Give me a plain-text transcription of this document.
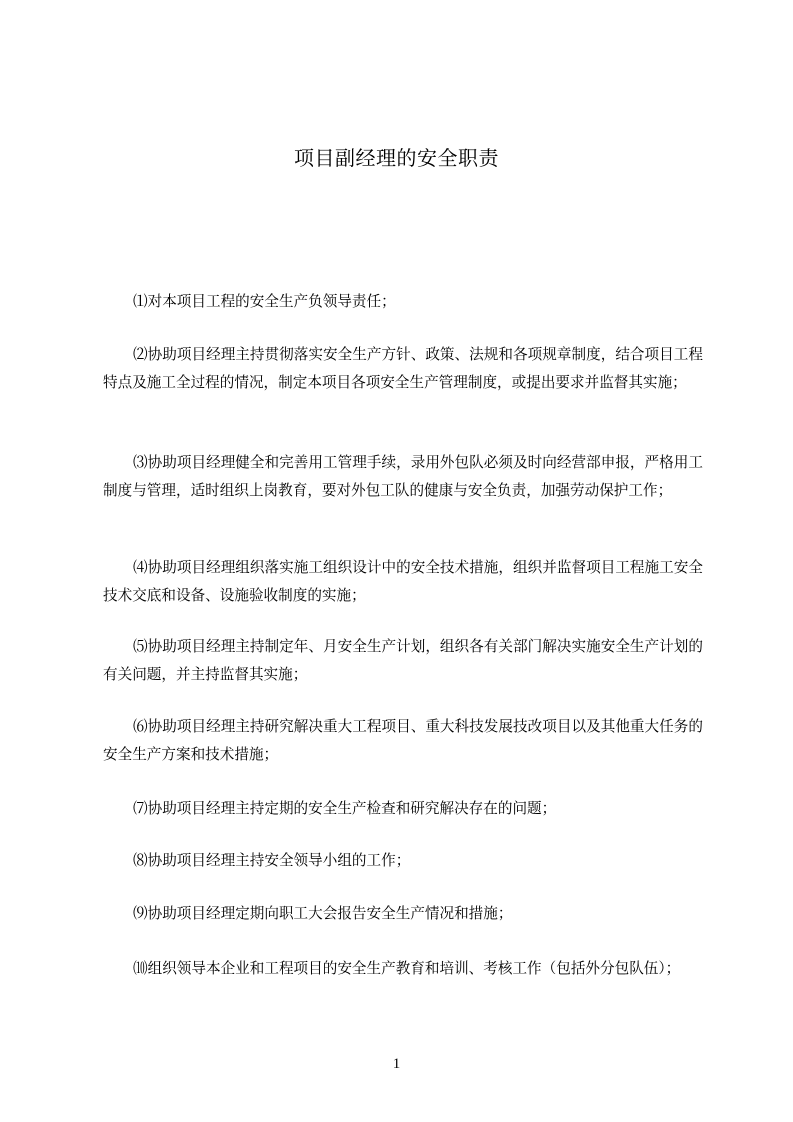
项目副经理的安全职责

⑴对本项目工程的安全生产负领导责任；

⑵协助项目经理主持贯彻落实安全生产方针、政策、法规和各项规章制度，结合项目工程特点及施工全过程的情况，制定本项目各项安全生产管理制度，或提出要求并监督其实施；

⑶协助项目经理健全和完善用工管理手续，录用外包队必须及时向经营部申报，严格用工制度与管理，适时组织上岗教育，要对外包工队的健康与安全负责，加强劳动保护工作；

⑷协助项目经理组织落实施工组织设计中的安全技术措施，组织并监督项目工程施工安全技术交底和设备、设施验收制度的实施；

⑸协助项目经理主持制定年、月安全生产计划，组织各有关部门解决实施安全生产计划的有关问题，并主持监督其实施；

⑹协助项目经理主持研究解决重大工程项目、重大科技发展技改项目以及其他重大任务的安全生产方案和技术措施；

⑺协助项目经理主持定期的安全生产检查和研究解决存在的问题；

⑻协助项目经理主持安全领导小组的工作；

⑼协助项目经理定期向职工大会报告安全生产情况和措施；

⑽组织领导本企业和工程项目的安全生产教育和培训、考核工作（包括外分包队伍）；

1
